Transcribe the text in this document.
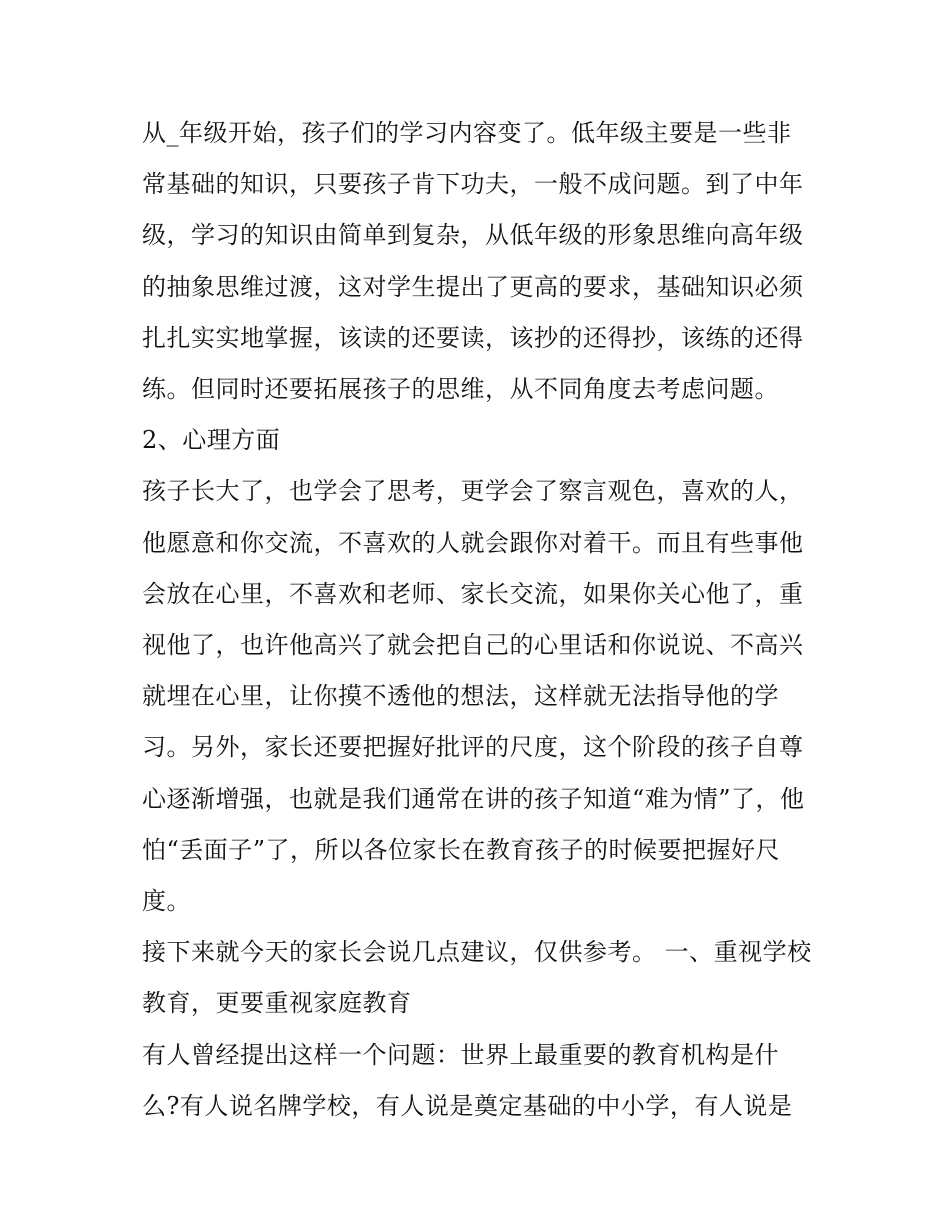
从_年级开始，孩子们的学习内容变了。低年级主要是一些非常基础的知识，只要孩子肯下功夫，一般不成问题。到了中年级，学习的知识由简单到复杂，从低年级的形象思维向高年级的抽象思维过渡，这对学生提出了更高的要求，基础知识必须扎扎实实地掌握，该读的还要读，该抄的还得抄，该练的还得练。但同时还要拓展孩子的思维，从不同角度去考虑问题。

2、心理方面

孩子长大了，也学会了思考，更学会了察言观色，喜欢的人，他愿意和你交流，不喜欢的人就会跟你对着干。而且有些事他会放在心里，不喜欢和老师、家长交流，如果你关心他了，重视他了，也许他高兴了就会把自己的心里话和你说说、不高兴就埋在心里，让你摸不透他的想法，这样就无法指导他的学习。另外，家长还要把握好批评的尺度，这个阶段的孩子自尊心逐渐增强，也就是我们通常在讲的孩子知道“难为情”了，他怕“丢面子”了，所以各位家长在教育孩子的时候要把握好尺度。

接下来就今天的家长会说几点建议，仅供参考。 一、重视学校教育，更要重视家庭教育

有人曾经提出这样一个问题：世界上最重要的教育机构是什么?有人说名牌学校，有人说是奠定基础的中小学，有人说是
